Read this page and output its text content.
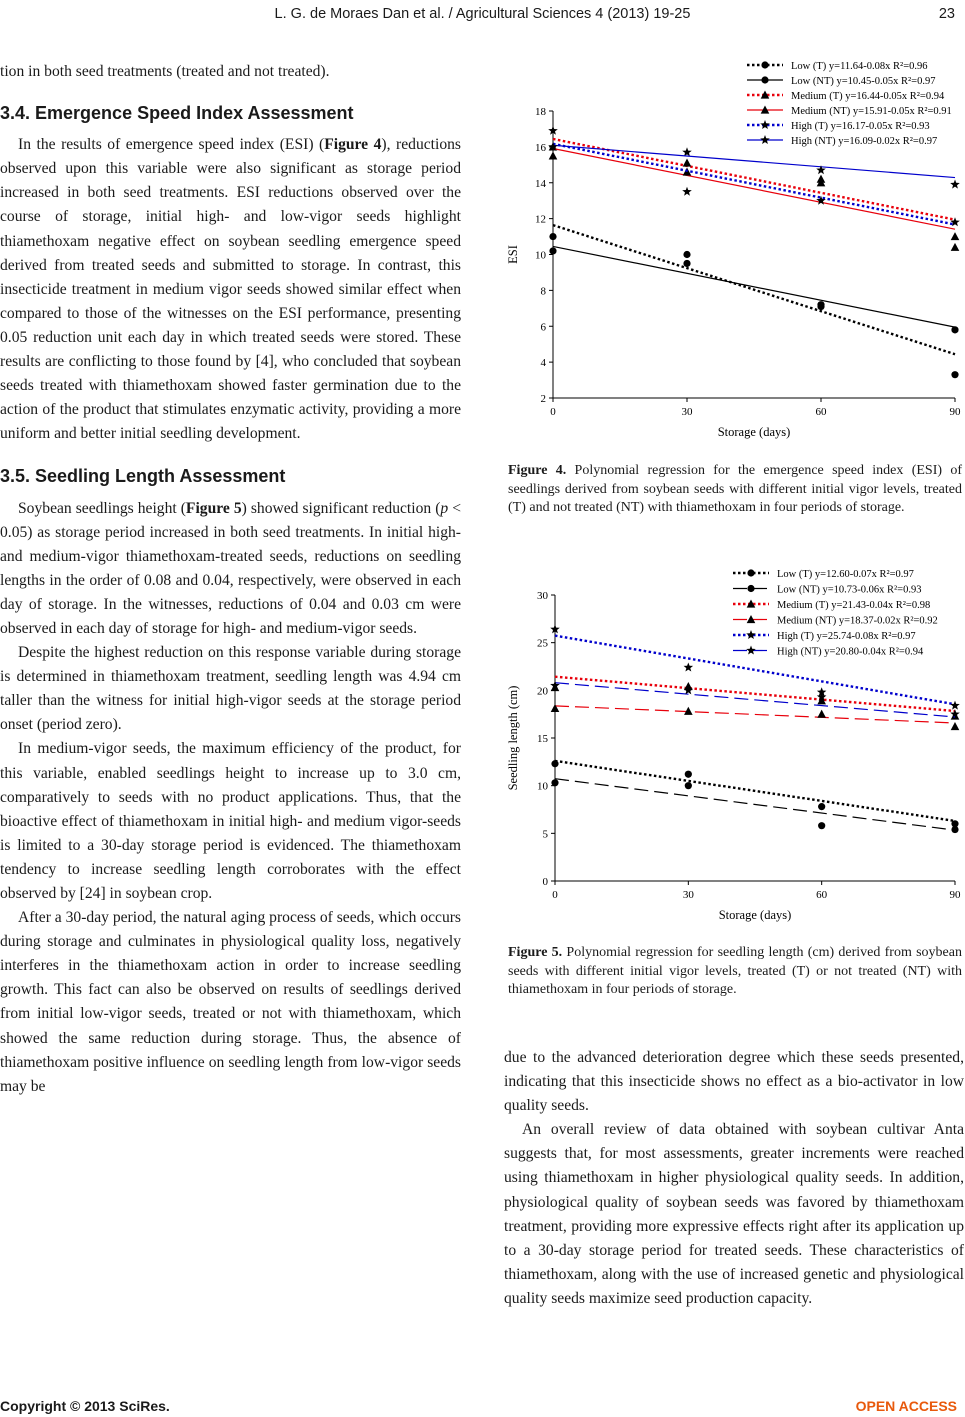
L. G. de Moraes Dan et al. / Agricultural Sciences 4 (2013) 19-25	23

tion in both seed treatments (treated and not treated).

3.4. Emergence Speed Index Assessment

In the results of emergence speed index (ESI) (Figure 4), reductions observed upon this variable were also significant as storage period increased in both seed treatments. ESI reductions observed over the course of storage, initial high- and low-vigor seeds highlight thiamethoxam negative effect on soybean seedling emergence speed derived from treated seeds and submitted to storage. In contrast, this insecticide treatment in medium vigor seeds showed similar effect when compared to those of the witnesses on the ESI performance, presenting 0.05 reduction unit each day in which treated seeds were stored. These results are conflicting to those found by [4], who concluded that soybean seeds treated with thiamethoxam showed faster germination due to the action of the product that stimulates enzymatic activity, providing a more uniform and better initial seedling development.

3.5. Seedling Length Assessment

Soybean seedlings height (Figure 5) showed significant reduction (p < 0.05) as storage period increased in both seed treatments. In initial high- and medium-vigor thiamethoxam-treated seeds, reductions on seedling lengths in the order of 0.08 and 0.04, respectively, were observed in each day of storage. In the witnesses, reductions of 0.04 and 0.03 cm were observed in each day of storage for high- and medium-vigor seeds.

Despite the highest reduction on this response variable during storage is determined in thiamethoxam treatment, seedling length was 4.94 cm taller than the witness for initial high-vigor seeds at the storage period onset (period zero).

In medium-vigor seeds, the maximum efficiency of the product, for this variable, enabled seedlings height to increase up to 3.0 cm, comparatively to seeds with no product applications. Thus, that the bioactive effect of thiamethoxam in initial high- and medium vigor-seeds is limited to a 30-day storage period is evidenced. The thiamethoxam tendency to increase seedling length corroborates with the effect observed by [24] in soybean crop.

After a 30-day period, the natural aging process of seeds, which occurs during storage and culminates in physiological quality loss, negatively interferes in the thiamethoxam action in order to increase seedling growth. This fact can also be observed on results of seedlings derived from initial low-vigor seeds, treated or not with thiamethoxam, which showed the same reduction during storage. Thus, the absence of thiamethoxam positive influence on seedling length from low-vigor seeds may be

2
4
6
8
10
12
14
16
18
0	30	60	90
Storage (days)
ESI
Low (T) y=11.64-0.08x R²=0.96
Low (NT) y=10.45-0.05x R²=0.97
Medium (T) y=16.44-0.05x R²=0.94
Medium (NT) y=15.91-0.05x R²=0.91
High (T) y=16.17-0.05x R²=0.93
High (NT) y=16.09-0.02x R²=0.97
Figure 4. Polynomial regression for the emergence speed index (ESI) of seedlings derived from soybean seeds with different initial vigor levels, treated (T) and not treated (NT) with thiamethoxam in four periods of storage.
0
5
10
15
20
25
30
0	30	60	90
Storage (days)
Seedling length (cm)
Low (T) y=12.60-0.07x R²=0.97
Low (NT) y=10.73-0.06x R²=0.93
Medium (T) y=21.43-0.04x R²=0.98
Medium (NT) y=18.37-0.02x R²=0.92
High (T) y=25.74-0.08x R²=0.97
High (NT) y=20.80-0.04x R²=0.94
Figure 5. Polynomial regression for seedling length (cm) derived from soybean seeds with different initial vigor levels, treated (T) or not treated (NT) with thiamethoxam in four periods of storage.

due to the advanced deterioration degree which these seeds presented, indicating that this insecticide shows no effect as a bio-activator in low quality seeds.

An overall review of data obtained with soybean cultivar Anta suggests that, for most assessments, greater increments were reached using thiamethoxam in higher physiological quality seeds. In addition, physiological quality of soybean seeds was favored by thiamethoxam treatment, providing more expressive effects right after its application up to a 30-day storage period for treated seeds. These characteristics of thiamethoxam, along with the use of increased genetic and physiological quality seeds maximize seed production capacity.

Copyright © 2013 SciRes.	OPEN ACCESS
